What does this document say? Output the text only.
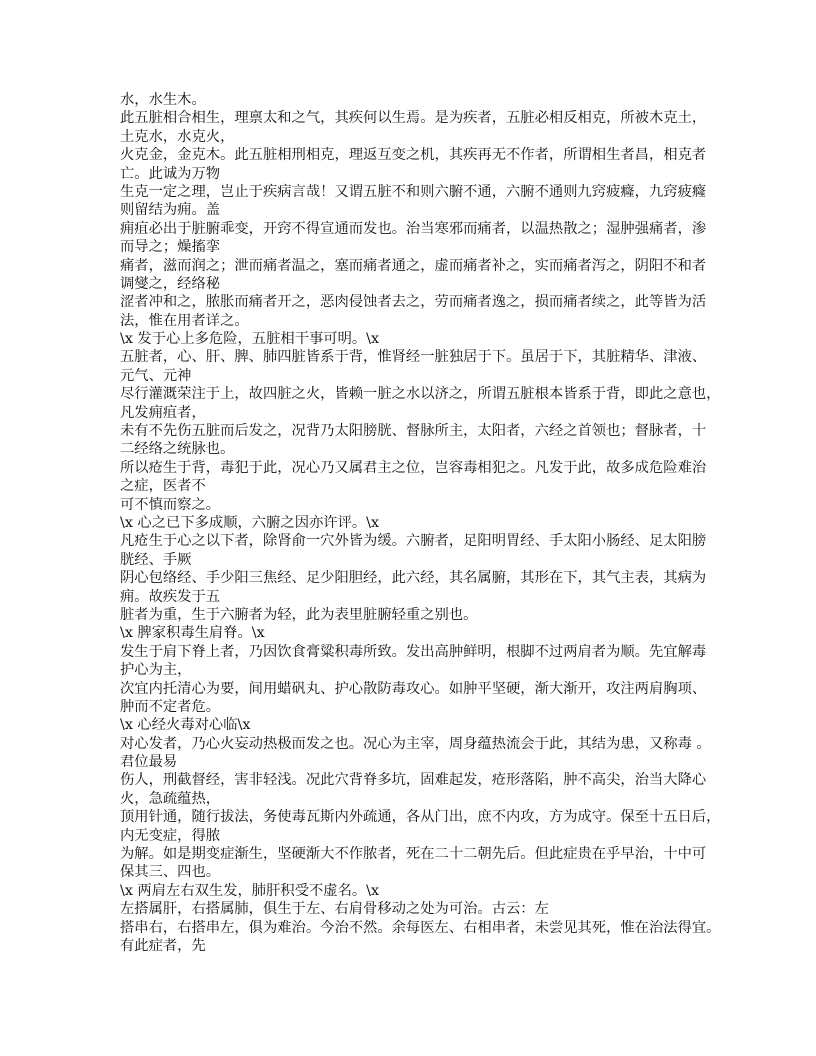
水，水生木。
此五脏相合相生，理禀太和之气，其疾何以生焉。是为疾者，五脏必相反相克，所被木克土，
土克水，水克火，
火克金，金克木。此五脏相刑相克，理返互变之机，其疾再无不作者，所谓相生者昌，相克者
亡。此诚为万物
生克一定之理，岂止于疾病言哉！又谓五脏不和则六腑不通，六腑不通则九窍疲癃，九窍疲癃
则留结为痈。盖
痈疽必出于脏腑乖变，开窍不得宣通而发也。治当寒邪而痛者，以温热散之；湿肿强痛者，渗
而导之；燥搐挛
痛者，滋而润之；泄而痛者温之，塞而痛者通之，虚而痛者补之，实而痛者泻之，阴阳不和者
调燮之，经络秘
涩者冲和之，脓胀而痛者开之，恶肉侵蚀者去之，劳而痛者逸之，损而痛者续之，此等皆为活
法，惟在用者详之。
\x 发于心上多危险，五脏相干事可明。\x
五脏者，心、肝、脾、肺四脏皆系于背，惟肾经一脏独居于下。虽居于下，其脏精华、津液、
元气、元神
尽行灌溉荣注于上，故四脏之火，皆赖一脏之水以济之，所谓五脏根本皆系于背，即此之意也，
凡发痈疽者，
未有不先伤五脏而后发之，况背乃太阳膀胱、督脉所主，太阳者，六经之首领也；督脉者，十
二经络之统脉也。
所以疮生于背，毒犯于此，况心乃又属君主之位，岂容毒相犯之。凡发于此，故多成危险难治
之症，医者不
可不慎而察之。
\x 心之已下多成顺，六腑之因亦许评。\x
凡疮生于心之以下者，除肾俞一穴外皆为缓。六腑者，足阳明胃经、手太阳小肠经、足太阳膀
胱经、手厥
阴心包络经、手少阳三焦经、足少阳胆经，此六经，其名属腑，其形在下，其气主表，其病为
痈。故疾发于五
脏者为重，生于六腑者为轻，此为表里脏腑轻重之别也。
\x 脾家积毒生肩脊。\x
发生于肩下脊上者，乃因饮食膏粱积毒所致。发出高肿鲜明，根脚不过两肩者为顺。先宜解毒
护心为主，
次宜内托清心为要，间用蜡矾丸、护心散防毒攻心。如肿平坚硬，渐大渐开，攻注两肩胸项、
肿而不定者危。
\x 心经火毒对心临\x
对心发者，乃心火妄动热极而发之也。况心为主宰，周身蕴热流会于此，其结为患，又称毒 。
君位最易
伤人，刑截督经，害非轻浅。况此穴背脊多坑，固难起发，疮形落陷，肿不高尖，治当大降心
火，急疏蕴热，
顶用针通，随行拔法，务使毒瓦斯内外疏通，各从门出，庶不内攻，方为成守。保至十五日后，
内无变症，得脓
为解。如是期变症渐生，坚硬渐大不作脓者，死在二十二朝先后。但此症贵在乎早治，十中可
保其三、四也。
\x 两肩左右双生发，肺肝积受不虚名。\x
左搭属肝，右搭属肺，俱生于左、右肩骨移动之处为可治。古云：左
搭串右，右搭串左，俱为难治。今治不然。余每医左、右相串者，未尝见其死，惟在治法得宜。
有此症者，先
